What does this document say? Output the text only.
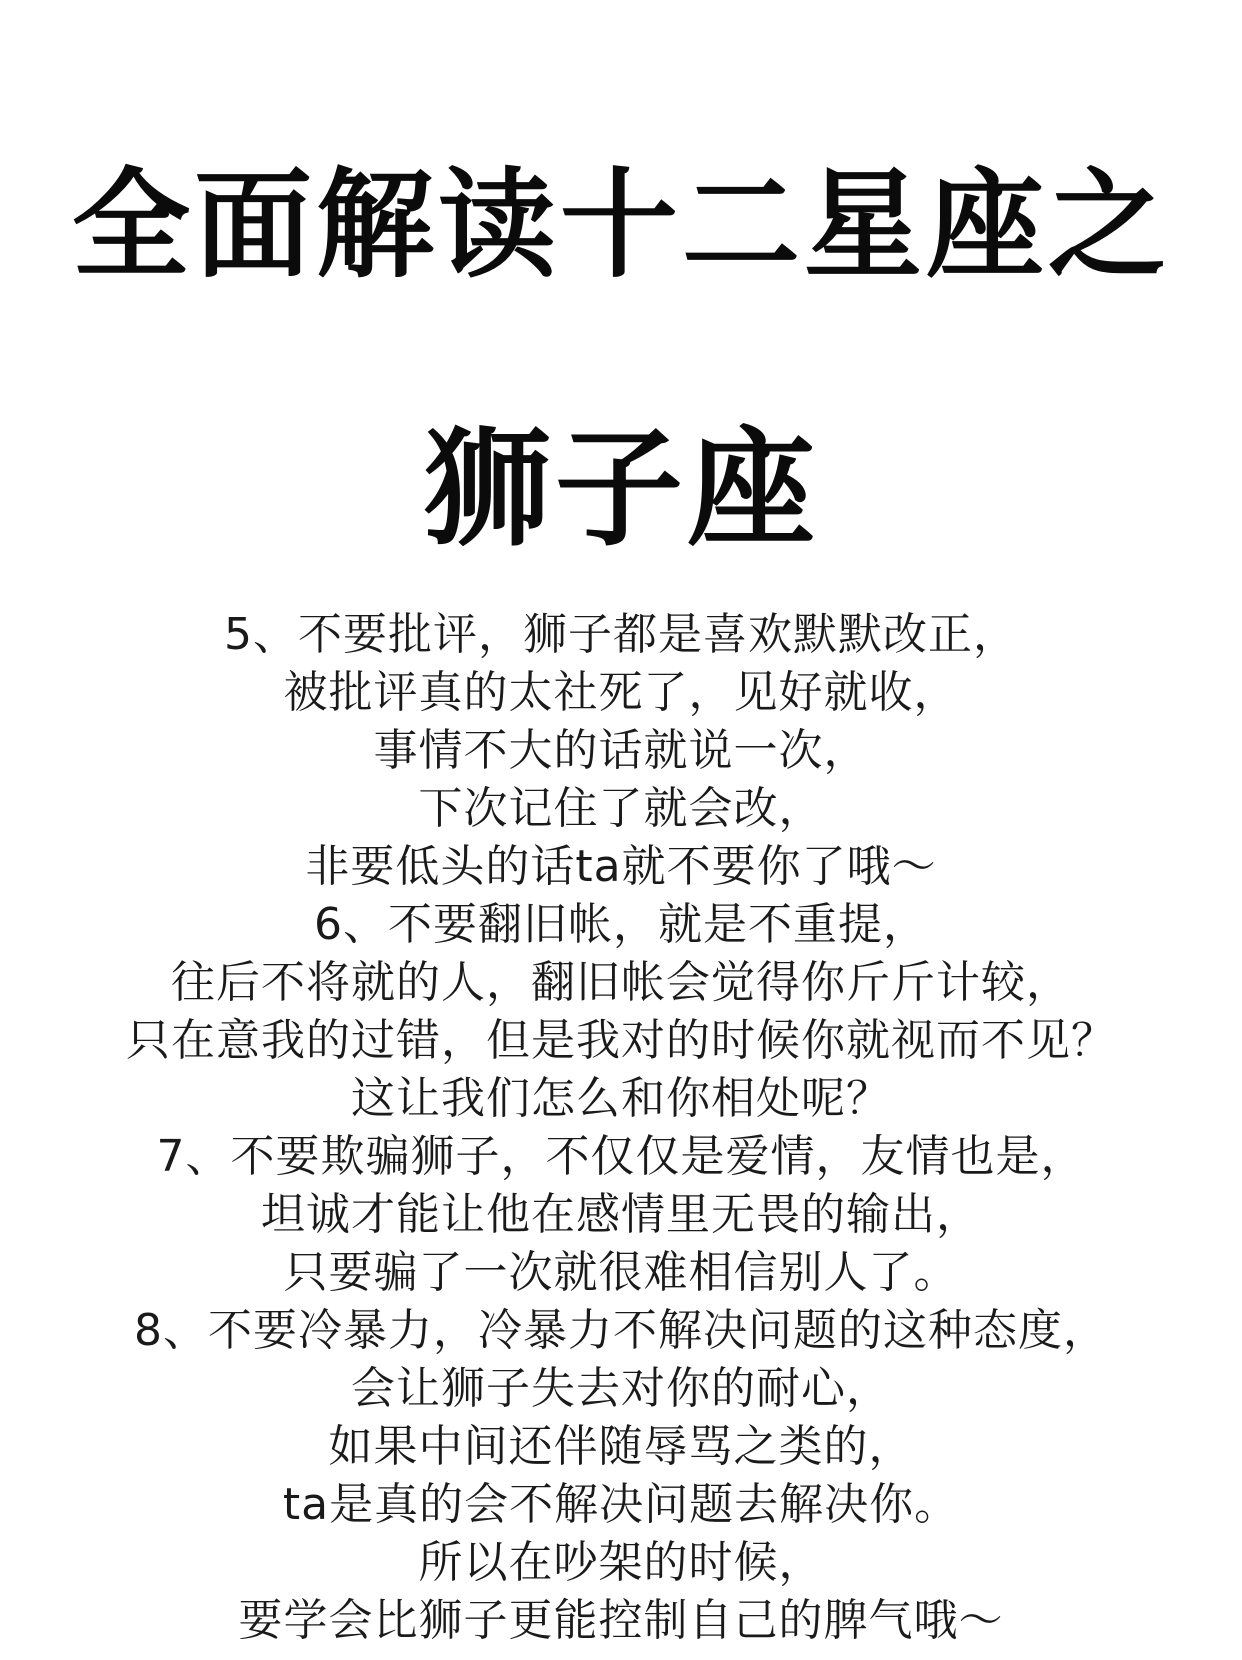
全面解读十二星座之
狮子座
5、不要批评，狮子都是喜欢默默改正，
被批评真的太社死了，见好就收，
事情不大的话就说一次，
下次记住了就会改，
非要低头的话ta就不要你了哦～
6、不要翻旧帐，就是不重提，
往后不将就的人，翻旧帐会觉得你斤斤计较，
只在意我的过错，但是我对的时候你就视而不见？
这让我们怎么和你相处呢？
7、不要欺骗狮子，不仅仅是爱情，友情也是，
坦诚才能让他在感情里无畏的输出，
只要骗了一次就很难相信别人了。
8、不要冷暴力，冷暴力不解决问题的这种态度，
会让狮子失去对你的耐心，
如果中间还伴随辱骂之类的，
ta是真的会不解决问题去解决你。
所以在吵架的时候，
要学会比狮子更能控制自己的脾气哦～
